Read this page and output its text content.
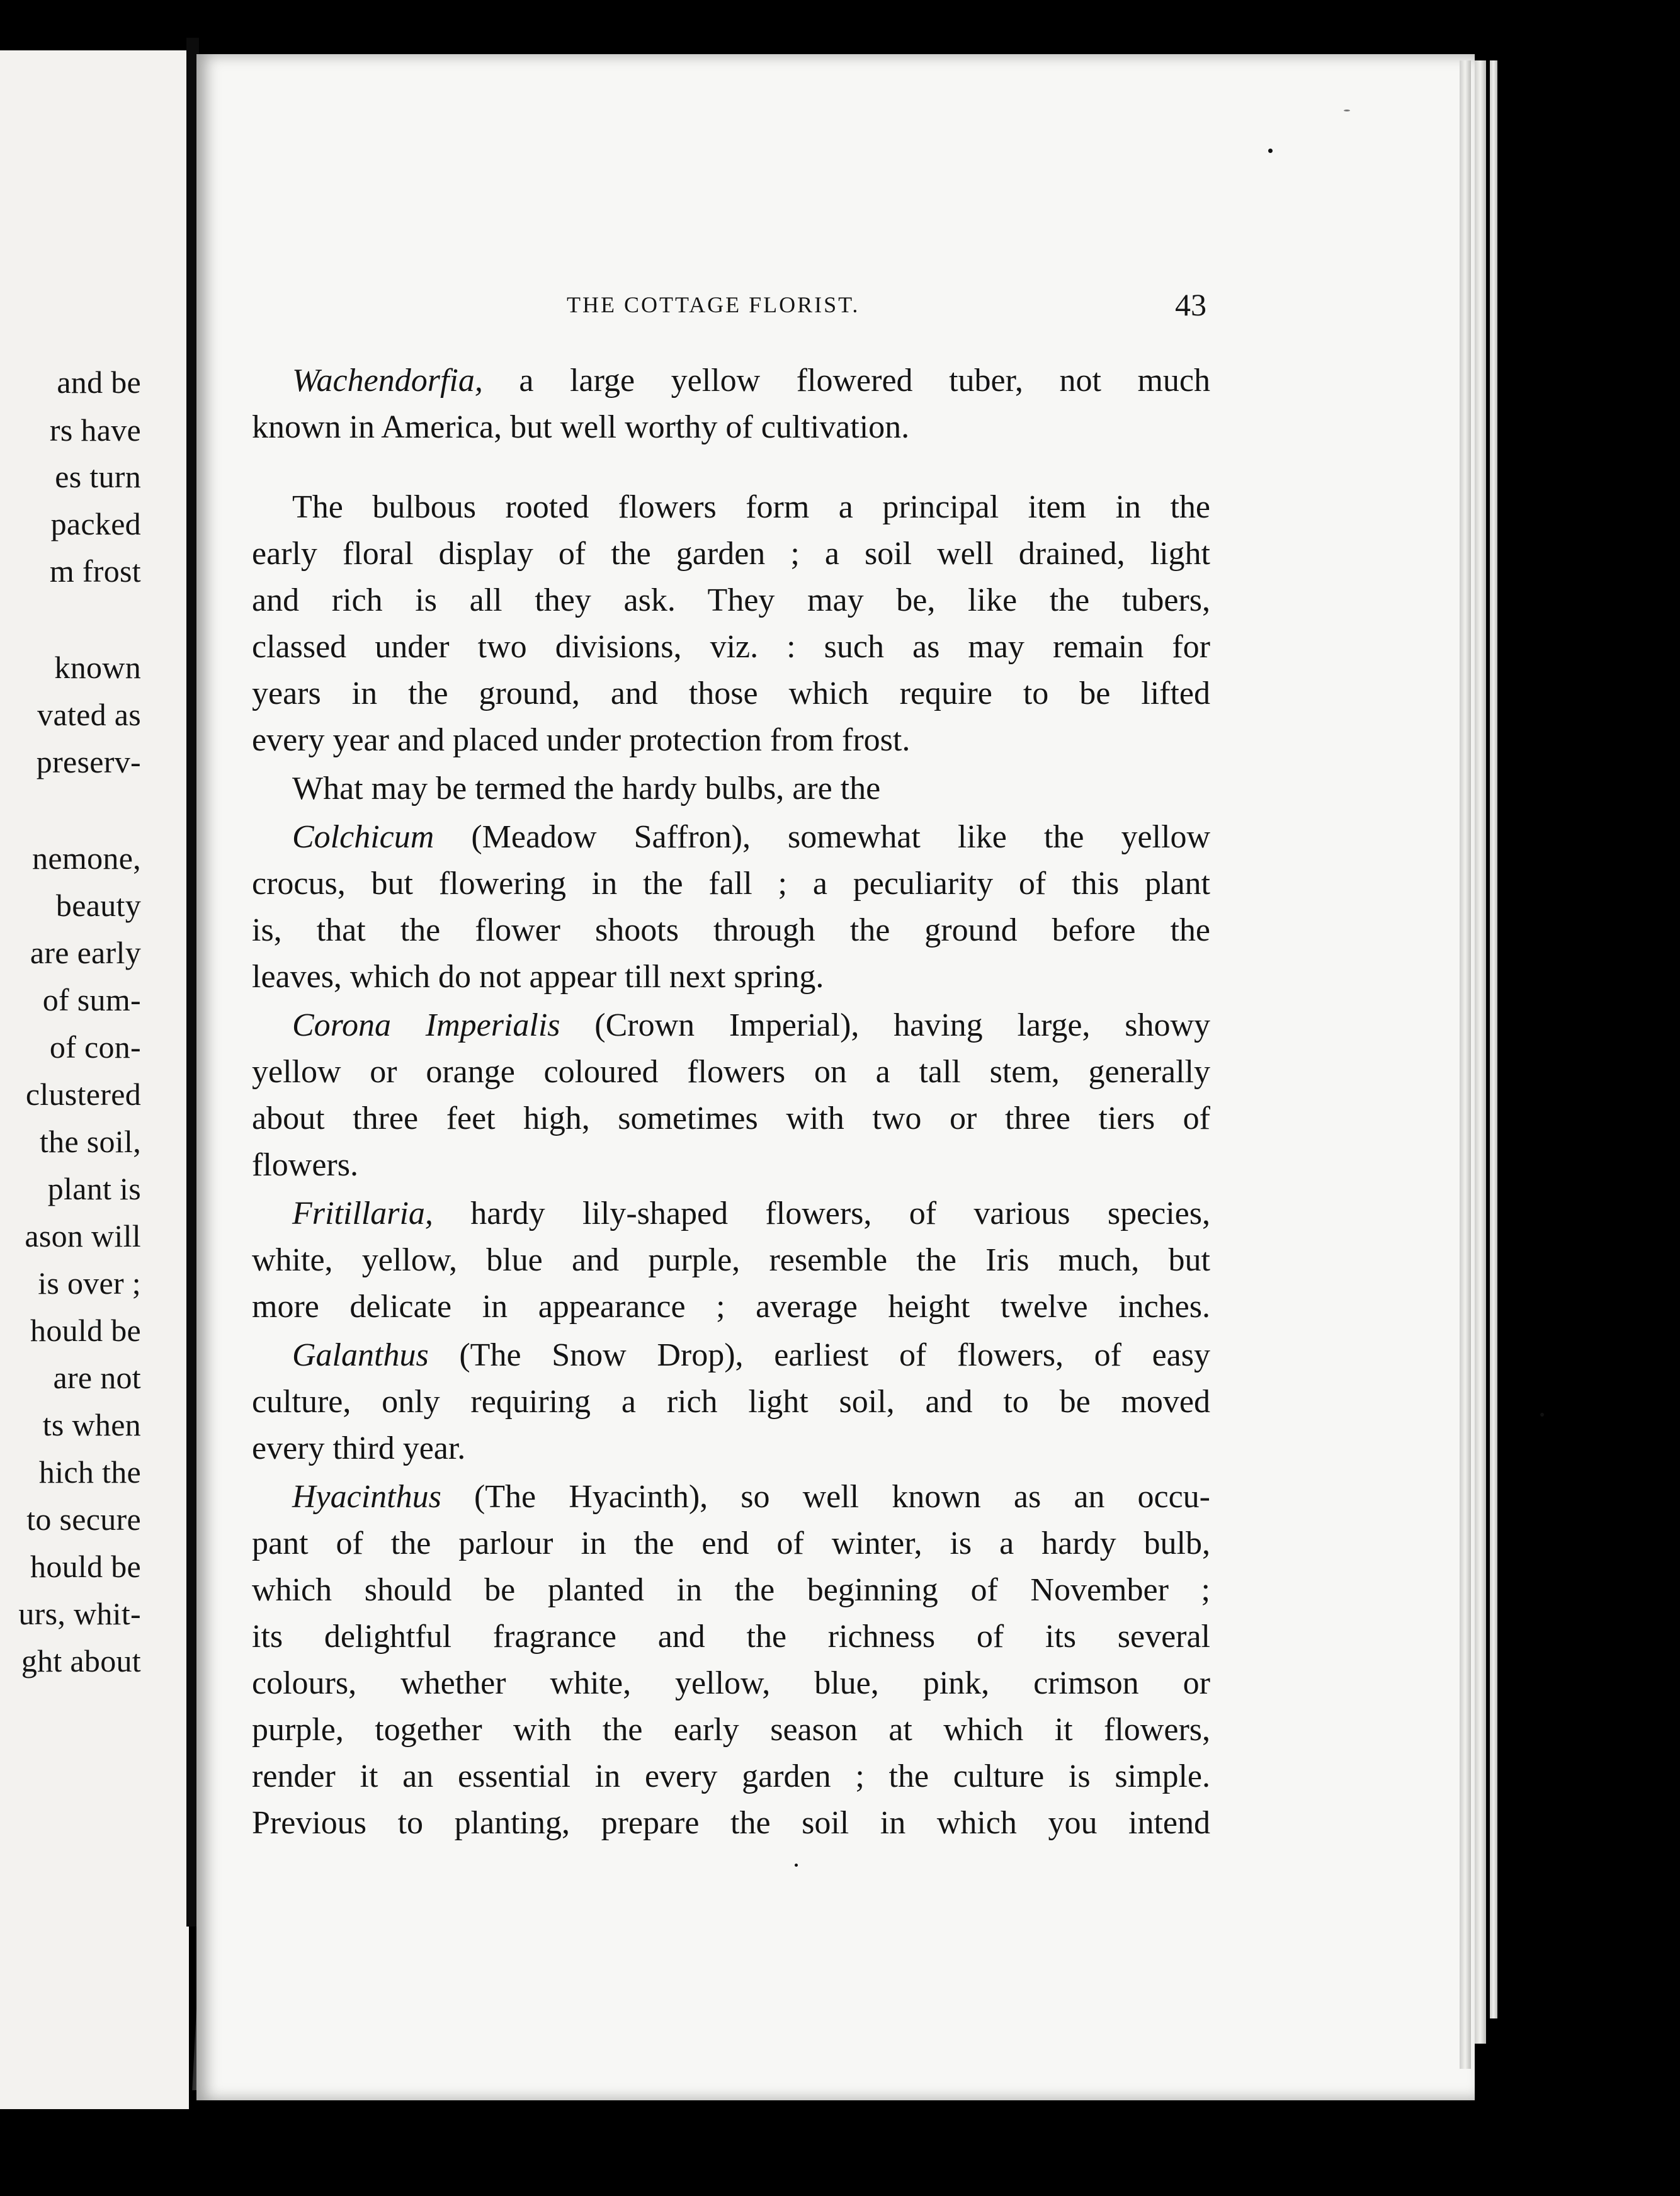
and be
rs have
es turn
packed
m frost
known
vated as
preserv-
nemone,
beauty
are early
of sum-
of con-
clustered
the soil,
plant is
ason will
is over ;
hould be
are not
ts when
hich the
to secure
hould be
urs, whit-
ght about
THE COTTAGE FLORIST.	43
Wachendorfia, a large yellow flowered tuber, not much
known in America, but well worthy of cultivation.
The bulbous rooted flowers form a principal item in the
early floral display of the garden ; a soil well drained, light
and rich is all they ask. They may be, like the tubers,
classed under two divisions, viz. : such as may remain for
years in the ground, and those which require to be lifted
every year and placed under protection from frost.
What may be termed the hardy bulbs, are the
Colchicum (Meadow Saffron), somewhat like the yellow
crocus, but flowering in the fall ; a peculiarity of this plant
is, that the flower shoots through the ground before the
leaves, which do not appear till next spring.
Corona Imperialis (Crown Imperial), having large, showy
yellow or orange coloured flowers on a tall stem, generally
about three feet high, sometimes with two or three tiers of
flowers.
Fritillaria, hardy lily-shaped flowers, of various species,
white, yellow, blue and purple, resemble the Iris much, but
more delicate in appearance ; average height twelve inches.
Galanthus (The Snow Drop), earliest of flowers, of easy
culture, only requiring a rich light soil, and to be moved
every third year.
Hyacinthus (The Hyacinth), so well known as an occu-
pant of the parlour in the end of winter, is a hardy bulb,
which should be planted in the beginning of November ;
its delightful fragrance and the richness of its several
colours, whether white, yellow, blue, pink, crimson or
purple, together with the early season at which it flowers,
render it an essential in every garden ; the culture is simple.
Previous to planting, prepare the soil in which you intend
